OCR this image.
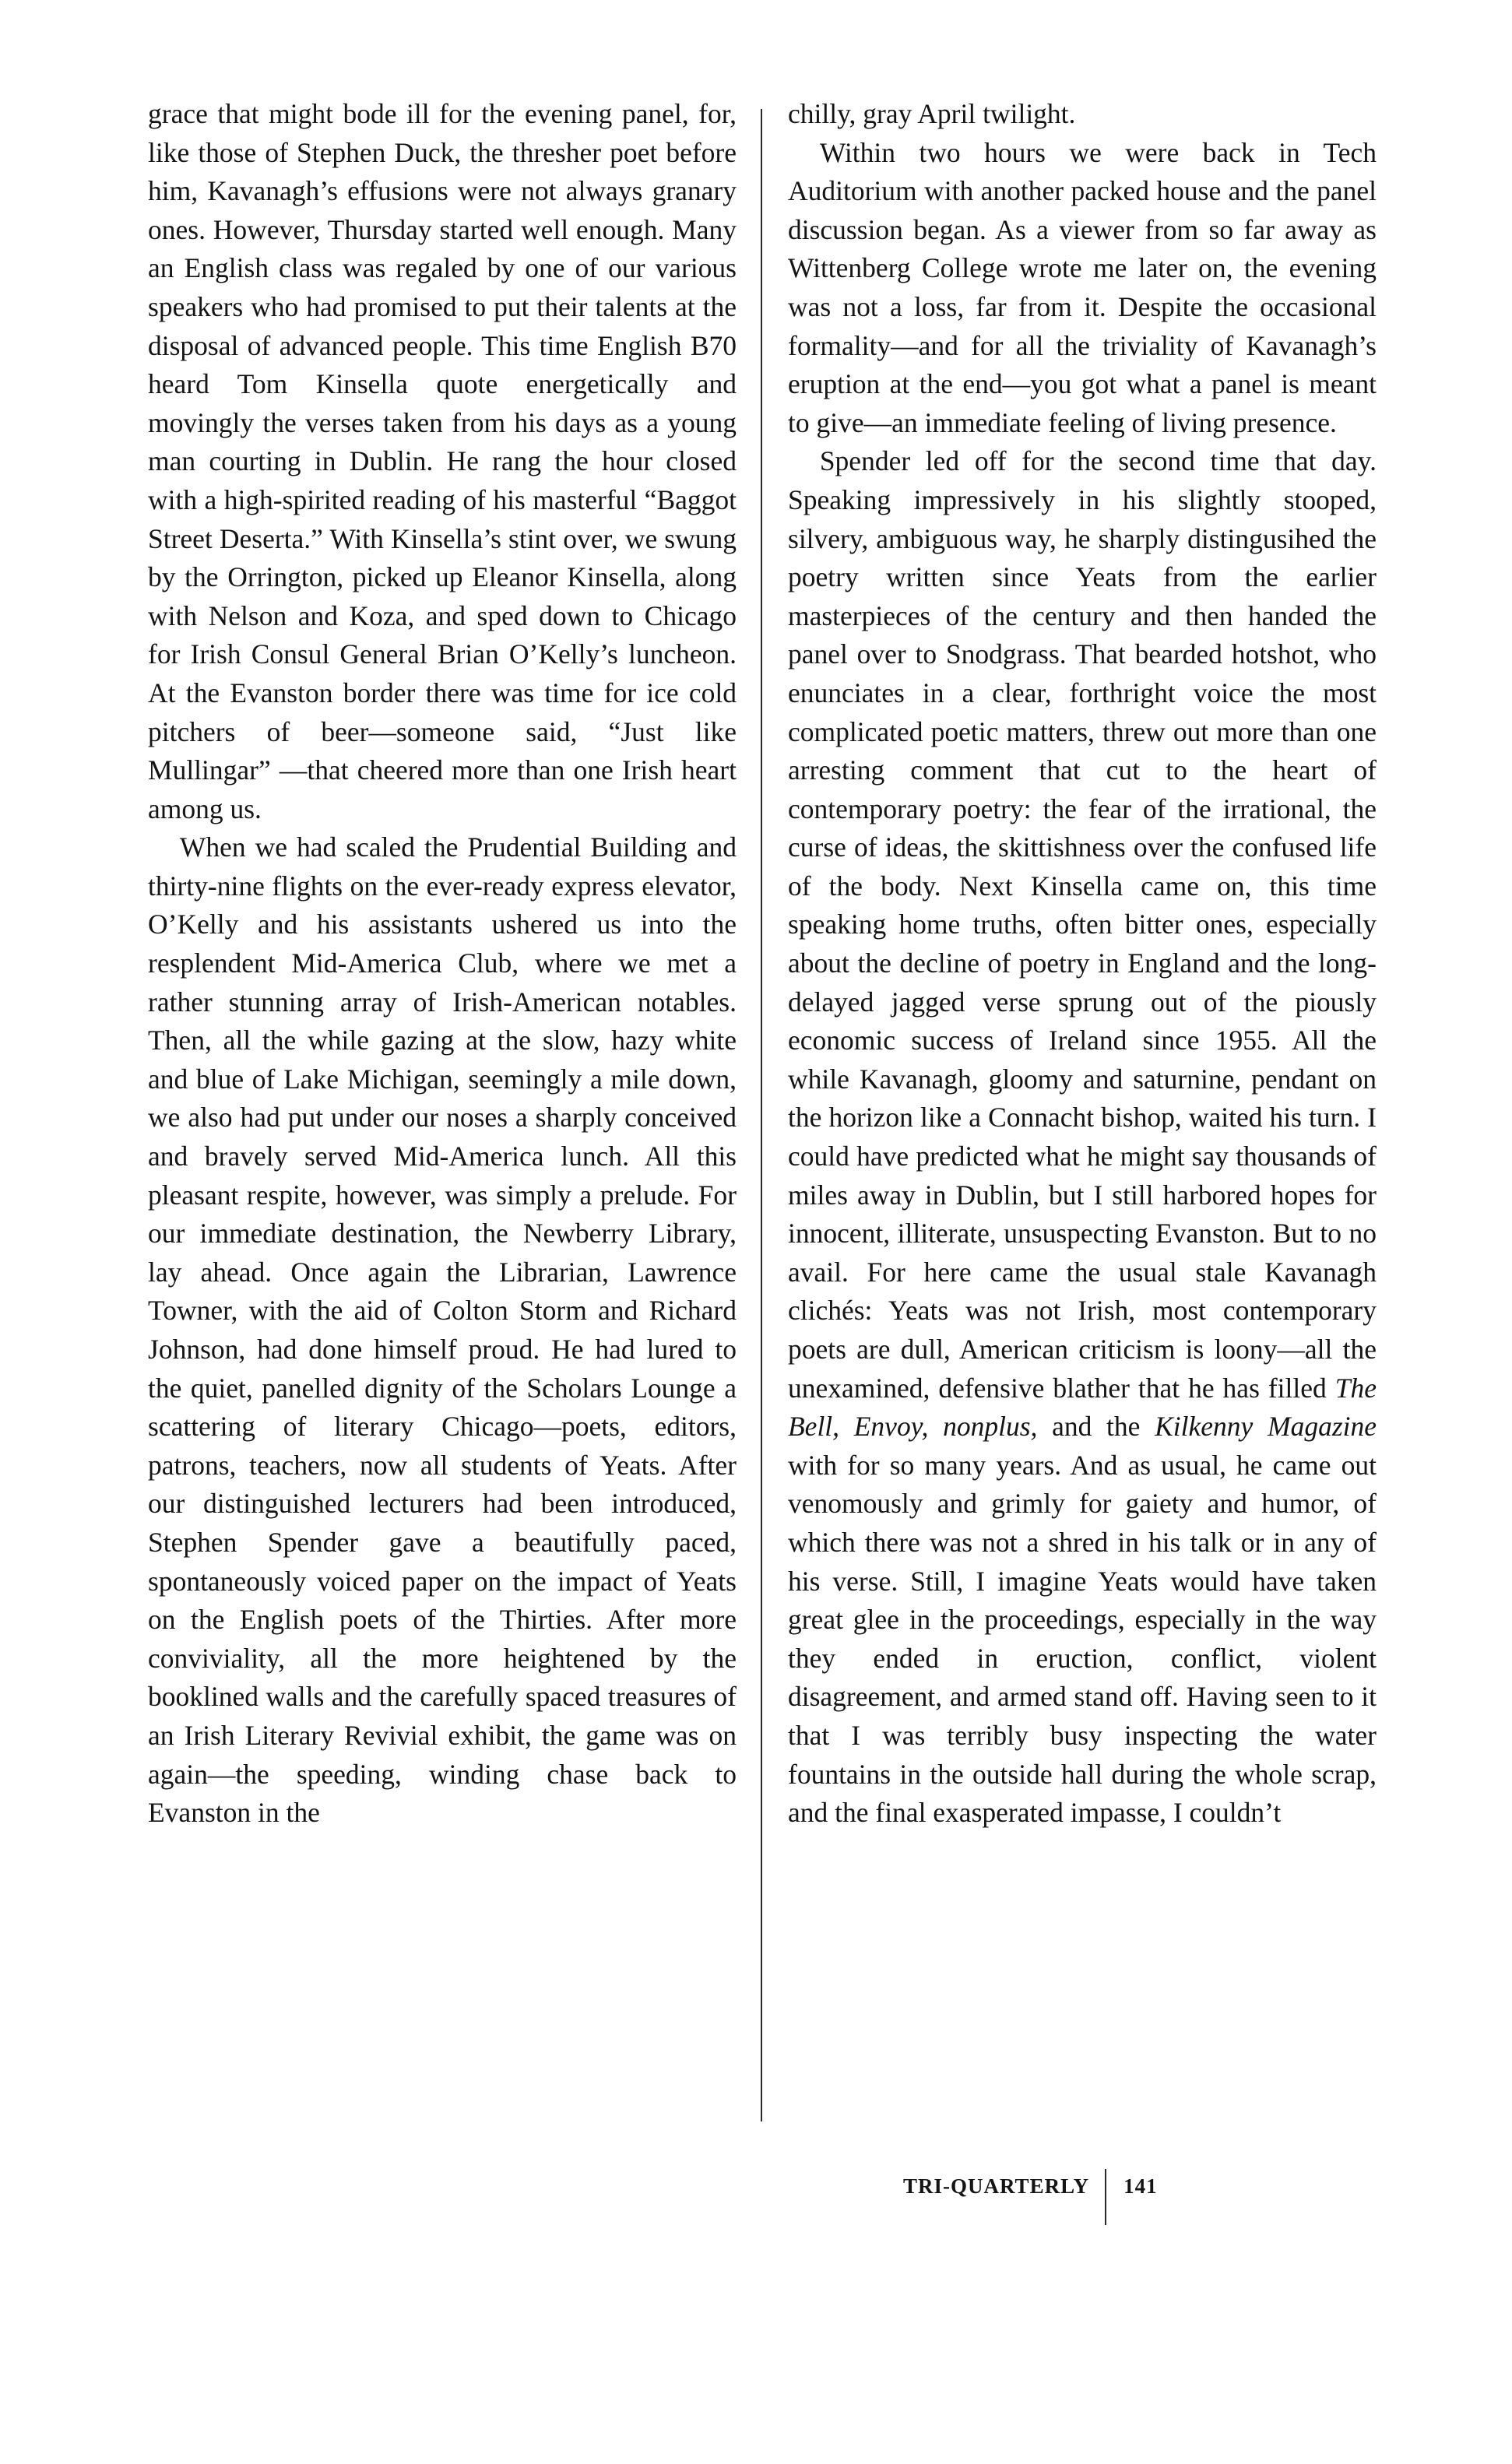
grace that might bode ill for the evening panel, for, like those of Stephen Duck, the thresher poet before him, Kavanagh’s effusions were not always granary ones. However, Thursday started well enough. Many an English class was regaled by one of our various speakers who had promised to put their talents at the disposal of advanced people. This time English B70 heard Tom Kinsella quote energetically and movingly the verses taken from his days as a young man courting in Dublin. He rang the hour closed with a high-spirited reading of his masterful “Baggot Street Deserta.” With Kinsella’s stint over, we swung by the Orrington, picked up Eleanor Kinsella, along with Nelson and Koza, and sped down to Chicago for Irish Consul General Brian O’Kelly’s luncheon. At the Evanston border there was time for ice cold pitchers of beer—someone said, “Just like Mullingar” —that cheered more than one Irish heart among us.

When we had scaled the Prudential Building and thirty-nine flights on the ever-ready express elevator, O’Kelly and his assistants ushered us into the resplendent Mid-America Club, where we met a rather stunning array of Irish-American notables. Then, all the while gazing at the slow, hazy white and blue of Lake Michigan, seemingly a mile down, we also had put under our noses a sharply conceived and bravely served Mid-America lunch. All this pleasant respite, however, was simply a prelude. For our immediate destination, the Newberry Library, lay ahead. Once again the Librarian, Lawrence Towner, with the aid of Colton Storm and Richard Johnson, had done himself proud. He had lured to the quiet, panelled dignity of the Scholars Lounge a scattering of literary Chicago—poets, editors, patrons, teachers, now all students of Yeats. After our distinguished lecturers had been introduced, Stephen Spender gave a beautifully paced, spontaneously voiced paper on the impact of Yeats on the English poets of the Thirties. After more conviviality, all the more heightened by the booklined walls and the carefully spaced treasures of an Irish Literary Revivial exhibit, the game was on again—the speeding, winding chase back to Evanston in the

chilly, gray April twilight.

Within two hours we were back in Tech Auditorium with another packed house and the panel discussion began. As a viewer from so far away as Wittenberg College wrote me later on, the evening was not a loss, far from it. Despite the occasional formality—and for all the triviality of Kavanagh’s eruption at the end—you got what a panel is meant to give—an immediate feeling of living presence.

Spender led off for the second time that day. Speaking impressively in his slightly stooped, silvery, ambiguous way, he sharply distingusihed the poetry written since Yeats from the earlier masterpieces of the century and then handed the panel over to Snodgrass. That bearded hotshot, who enunciates in a clear, forthright voice the most complicated poetic matters, threw out more than one arresting comment that cut to the heart of contemporary poetry: the fear of the irrational, the curse of ideas, the skittishness over the confused life of the body. Next Kinsella came on, this time speaking home truths, often bitter ones, especially about the decline of poetry in England and the long-delayed jagged verse sprung out of the piously economic success of Ireland since 1955. All the while Kavanagh, gloomy and saturnine, pendant on the horizon like a Connacht bishop, waited his turn. I could have predicted what he might say thousands of miles away in Dublin, but I still harbored hopes for innocent, illiterate, unsuspecting Evanston. But to no avail. For here came the usual stale Kavanagh clichés: Yeats was not Irish, most contemporary poets are dull, American criticism is loony—all the unexamined, defensive blather that he has filled The Bell, Envoy, nonplus, and the Kilkenny Magazine with for so many years. And as usual, he came out venomously and grimly for gaiety and humor, of which there was not a shred in his talk or in any of his verse. Still, I imagine Yeats would have taken great glee in the proceedings, especially in the way they ended in eruction, conflict, violent disagreement, and armed stand off. Having seen to it that I was terribly busy inspecting the water fountains in the outside hall during the whole scrap, and the final exasperated impasse, I couldn’t

TRI-QUARTERLY 141
